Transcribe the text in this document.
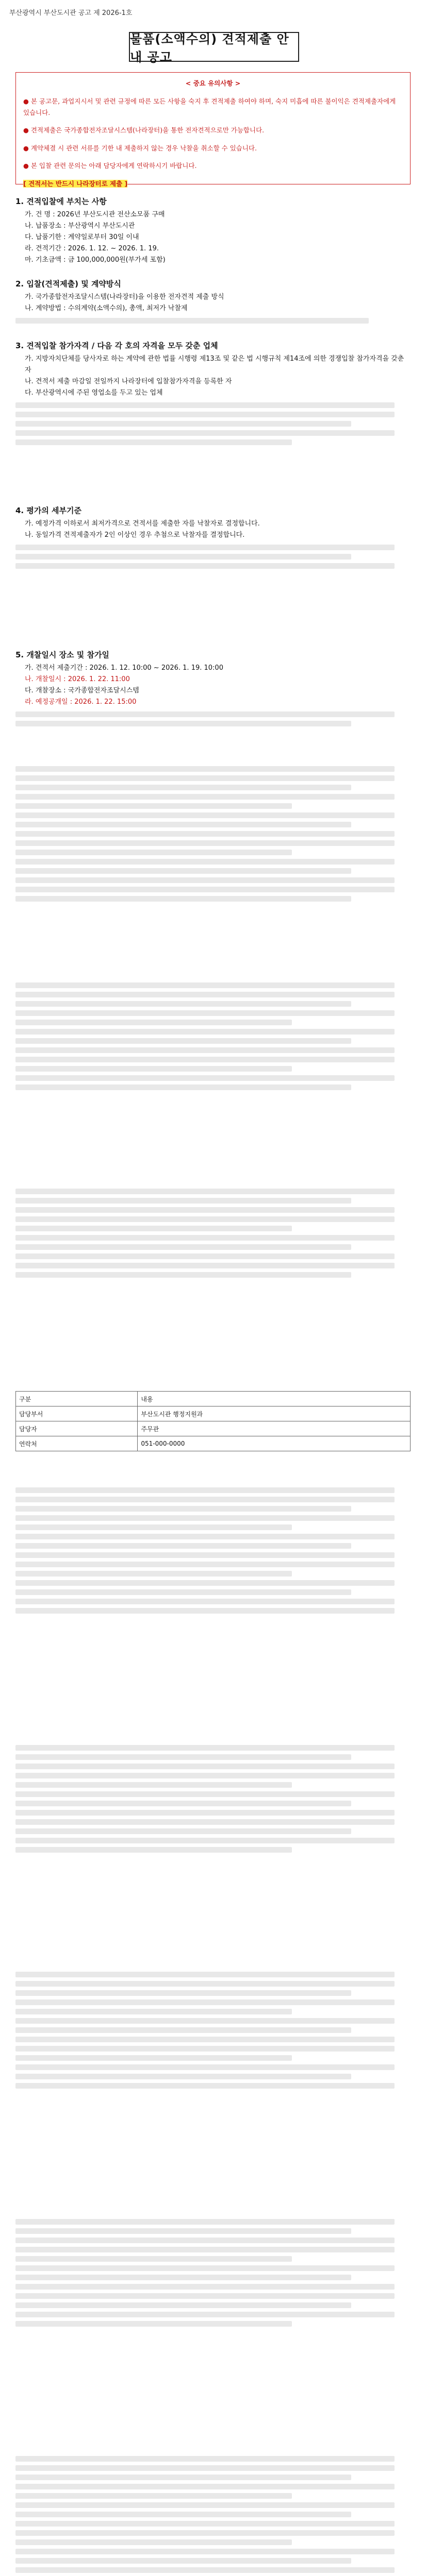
부산광역시 부산도시관 공고 제 2026-1호
물품(소액수의) 견적제출 안내 공고
< 중요 유의사항 >

● 본 공고문, 과업지시서 및 관련 규정에 따른 모든 사항을 숙지 후 견적제출 하여야 하며, 숙지 미흡에 따른 불이익은 견적제출자에게 있습니다.

● 견적제출은 국가종합전자조달시스템(나라장터)을 통한 전자견적으로만 가능합니다.

● 계약체결 시 관련 서류를 기한 내 제출하지 않는 경우 낙찰을 취소할 수 있습니다.

● 본 입찰 관련 문의는 아래 담당자에게 연락하시기 바랍니다.

[ 견적서는 반드시 나라장터로 제출 ]

1. 견적입찰에 부치는 사항

가. 건 명 : 2026년 부산도시관 전산소모품 구매

나. 납품장소 : 부산광역시 부산도시관

다. 납품기한 : 계약일로부터 30일 이내

라. 견적기간 : 2026. 1. 12. ~ 2026. 1. 19.

마. 기초금액 : 금 100,000,000원(부가세 포함)

2. 입찰(견적제출) 및 계약방식

가. 국가종합전자조달시스템(나라장터)을 이용한 전자견적 제출 방식

나. 계약방법 : 수의계약(소액수의), 총액, 최저가 낙찰제

3. 견적입찰 참가자격 / 다음 각 호의 자격을 모두 갖춘 업체

가. 지방자치단체를 당사자로 하는 계약에 관한 법률 시행령 제13조 및 같은 법 시행규칙 제14조에 의한 경쟁입찰 참가자격을 갖춘 자

나. 견적서 제출 마감일 전일까지 나라장터에 입찰참가자격을 등록한 자

다. 부산광역시에 주된 영업소를 두고 있는 업체

4. 평가의 세부기준

가. 예정가격 이하로서 최저가격으로 견적서를 제출한 자를 낙찰자로 결정합니다.

나. 동일가격 견적제출자가 2인 이상인 경우 추첨으로 낙찰자를 결정합니다.

5. 개찰일시 장소 및 참가일

가. 견적서 제출기간 : 2026. 1. 12. 10:00 ~ 2026. 1. 19. 10:00

나. 개찰일시 : 2026. 1. 22. 11:00

다. 개찰장소 : 국가종합전자조달시스템

라. 예정공개일 : 2026. 1. 22. 15:00

구분	내용
담당부서	부산도시관 행정지원과
담당자	주무관
연락처	051-000-0000
